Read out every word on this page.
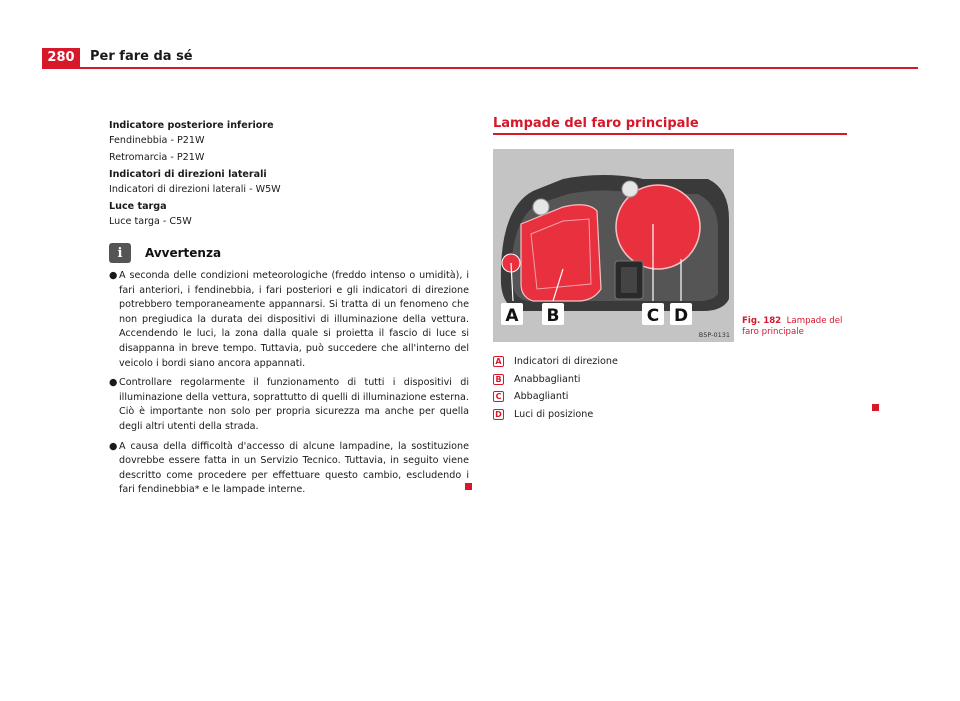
280	Per fare da sé
Indicatore posteriore inferiore
Fendinebbia - P21W
Retromarcia - P21W
Indicatori di direzioni laterali
Indicatori di direzioni laterali - W5W
Luce targa
Luce targa - C5W
i	Avvertenza
● A seconda delle condizioni meteorologiche (freddo intenso o umidità), i fari anteriori, i fendinebbia, i fari posteriori e gli indicatori di direzione potrebbero temporaneamente appannarsi. Si tratta di un fenomeno che non pregiudica la durata dei dispositivi di illuminazione della vettura. Accendendo le luci, la zona dalla quale si proietta il fascio di luce si disappanna in breve tempo. Tuttavia, può succedere che all'interno del veicolo i bordi siano ancora appannati.
● Controllare regolarmente il funzionamento di tutti i dispositivi di illuminazione della vettura, soprattutto di quelli di illuminazione esterna. Ciò è importante non solo per propria sicurezza ma anche per quella degli altri utenti della strada.
● A causa della difficoltà d'accesso di alcune lampadine, la sostituzione dovrebbe essere fatta in un Servizio Tecnico. Tuttavia, in seguito viene descritto come procedere per effettuare questo cambio, escludendo i fari fendinebbia* e le lampade interne.
Lampade del faro principale
A B	C D
B5P-0131
Fig. 182 Lampade del faro principale
A Indicatori di direzione
B Anabbaglianti
C Abbaglianti
D Luci di posizione
